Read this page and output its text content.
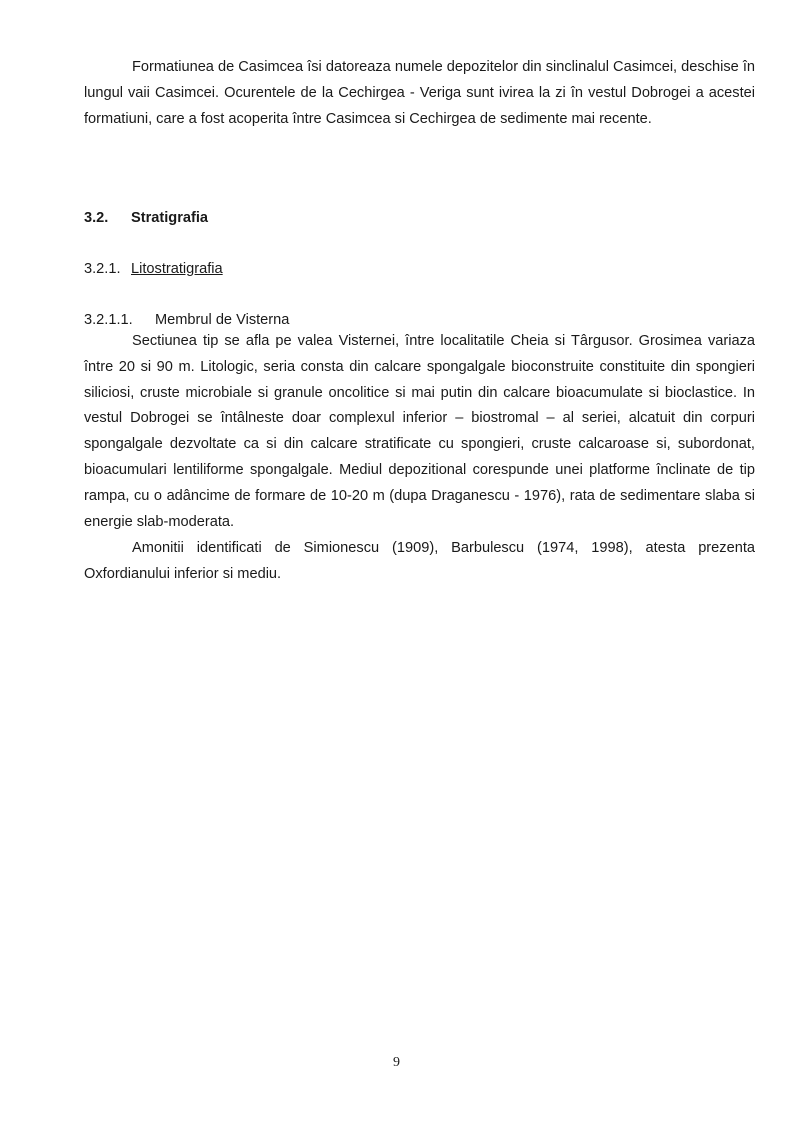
Formatiunea de Casimcea îsi datoreaza numele depozitelor din sinclinalul Casimcei, deschise în lungul vaii Casimcei. Ocurentele de la Cechirgea - Veriga sunt ivirea la zi în vestul Dobrogei a acestei formatiuni, care a fost acoperita între Casimcea si Cechirgea de sedimente mai recente.

3.2. Stratigrafia
3.2.1. Litostratigrafia
3.2.1.1. Membrul de Visterna

Sectiunea tip se afla pe valea Visternei, între localitatile Cheia si Târgusor. Grosimea variaza între 20 si 90 m. Litologic, seria consta din calcare spongalgale bioconstruite constituite din spongieri siliciosi, cruste microbiale si granule oncolitice si mai putin din calcare bioacumulate si bioclastice. In vestul Dobrogei se întâlneste doar complexul inferior – biostromal – al seriei, alcatuit din corpuri spongalgale dezvoltate ca si din calcare stratificate cu spongieri, cruste calcaroase si, subordonat, bioacumulari lentiliforme spongalgale. Mediul depozitional corespunde unei platforme înclinate de tip rampa, cu o adâncime de formare de 10-20 m (dupa Draganescu - 1976), rata de sedimentare slaba si energie slab-moderata.

Amonitii identificati de Simionescu (1909), Barbulescu (1974, 1998), atesta prezenta Oxfordianului inferior si mediu.

9
